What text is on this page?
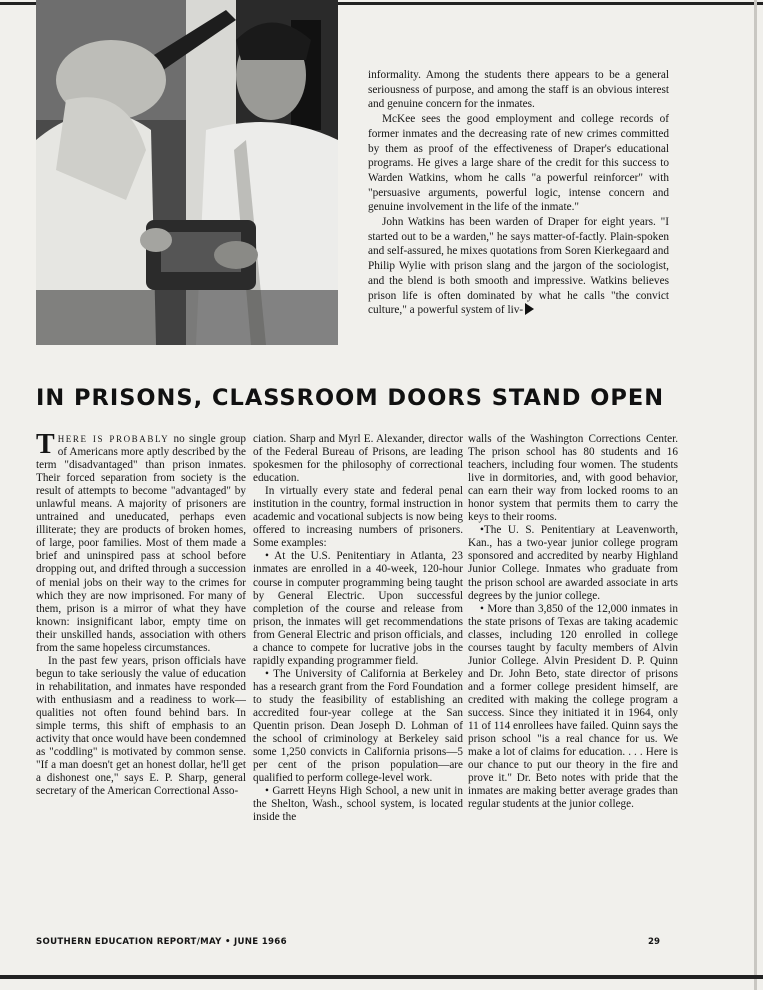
informality. Among the students there appears to be a general seriousness of purpose, and among the staff is an obvious interest and genuine concern for the inmates.

McKee sees the good employment and college records of former inmates and the decreasing rate of new crimes committed by them as proof of the effectiveness of Draper's educational programs. He gives a large share of the credit for this success to Warden Watkins, whom he calls "a powerful reinforcer" with "persuasive arguments, powerful logic, intense concern and genuine involvement in the life of the inmate."

John Watkins has been warden of Draper for eight years. "I started out to be a warden," he says matter-of-factly. Plain-spoken and self-assured, he mixes quotations from Soren Kierkegaard and Philip Wylie with prison slang and the jargon of the sociologist, and the blend is both smooth and impressive. Watkins believes prison life is often dominated by what he calls "the convict culture," a powerful system of liv-

IN PRISONS, CLASSROOM DOORS STAND OPEN

THERE IS PROBABLY no single group of Americans more aptly described by the term "disadvantaged" than prison inmates. Their forced separation from society is the result of attempts to become "advantaged" by unlawful means. A majority of prisoners are untrained and uneducated, perhaps even illiterate; they are products of broken homes, of large, poor families. Most of them made a brief and uninspired pass at school before dropping out, and drifted through a succession of menial jobs on their way to the crimes for which they are now imprisoned. For many of them, prison is a mirror of what they have known: insignificant labor, empty time on their unskilled hands, association with others from the same hopeless circumstances.

In the past few years, prison officials have begun to take seriously the value of education in rehabilitation, and inmates have responded with enthusiasm and a readiness to work—qualities not often found behind bars. In simple terms, this shift of emphasis to an activity that once would have been condemned as "coddling" is motivated by common sense. "If a man doesn't get an honest dollar, he'll get a dishonest one," says E. P. Sharp, general secretary of the American Correctional Asso-

ciation. Sharp and Myrl E. Alexander, director of the Federal Bureau of Prisons, are leading spokesmen for the philosophy of correctional education.

In virtually every state and federal penal institution in the country, formal instruction in academic and vocational subjects is now being offered to increasing numbers of prisoners. Some examples:

• At the U.S. Penitentiary in Atlanta, 23 inmates are enrolled in a 40-week, 120-hour course in computer programming being taught by General Electric. Upon successful completion of the course and release from prison, the inmates will get recommendations from General Electric and prison officials, and a chance to compete for lucrative jobs in the rapidly expanding programmer field.

• The University of California at Berkeley has a research grant from the Ford Foundation to study the feasibility of establishing an accredited four-year college at the San Quentin prison. Dean Joseph D. Lohman of the school of criminology at Berkeley said some 1,250 convicts in California prisons—5 per cent of the prison population—are qualified to perform college-level work.

• Garrett Heyns High School, a new unit in the Shelton, Wash., school system, is located inside the

walls of the Washington Corrections Center. The prison school has 80 students and 16 teachers, including four women. The students live in dormitories, and, with good behavior, can earn their way from locked rooms to an honor system that permits them to carry the keys to their rooms.

•The U. S. Penitentiary at Leavenworth, Kan., has a two-year junior college program sponsored and accredited by nearby Highland Junior College. Inmates who graduate from the prison school are awarded associate in arts degrees by the junior college.

• More than 3,850 of the 12,000 inmates in the state prisons of Texas are taking academic classes, including 120 enrolled in college courses taught by faculty members of Alvin Junior College. Alvin President D. P. Quinn and Dr. John Beto, state director of prisons and a former college president himself, are credited with making the college program a success. Since they initiated it in 1964, only 11 of 114 enrollees have failed. Quinn says the prison school "is a real chance for us. We make a lot of claims for education. . . . Here is our chance to put our theory in the fire and prove it." Dr. Beto notes with pride that the inmates are making better average grades than regular students at the junior college.

SOUTHERN EDUCATION REPORT/MAY • JUNE 1966	29
